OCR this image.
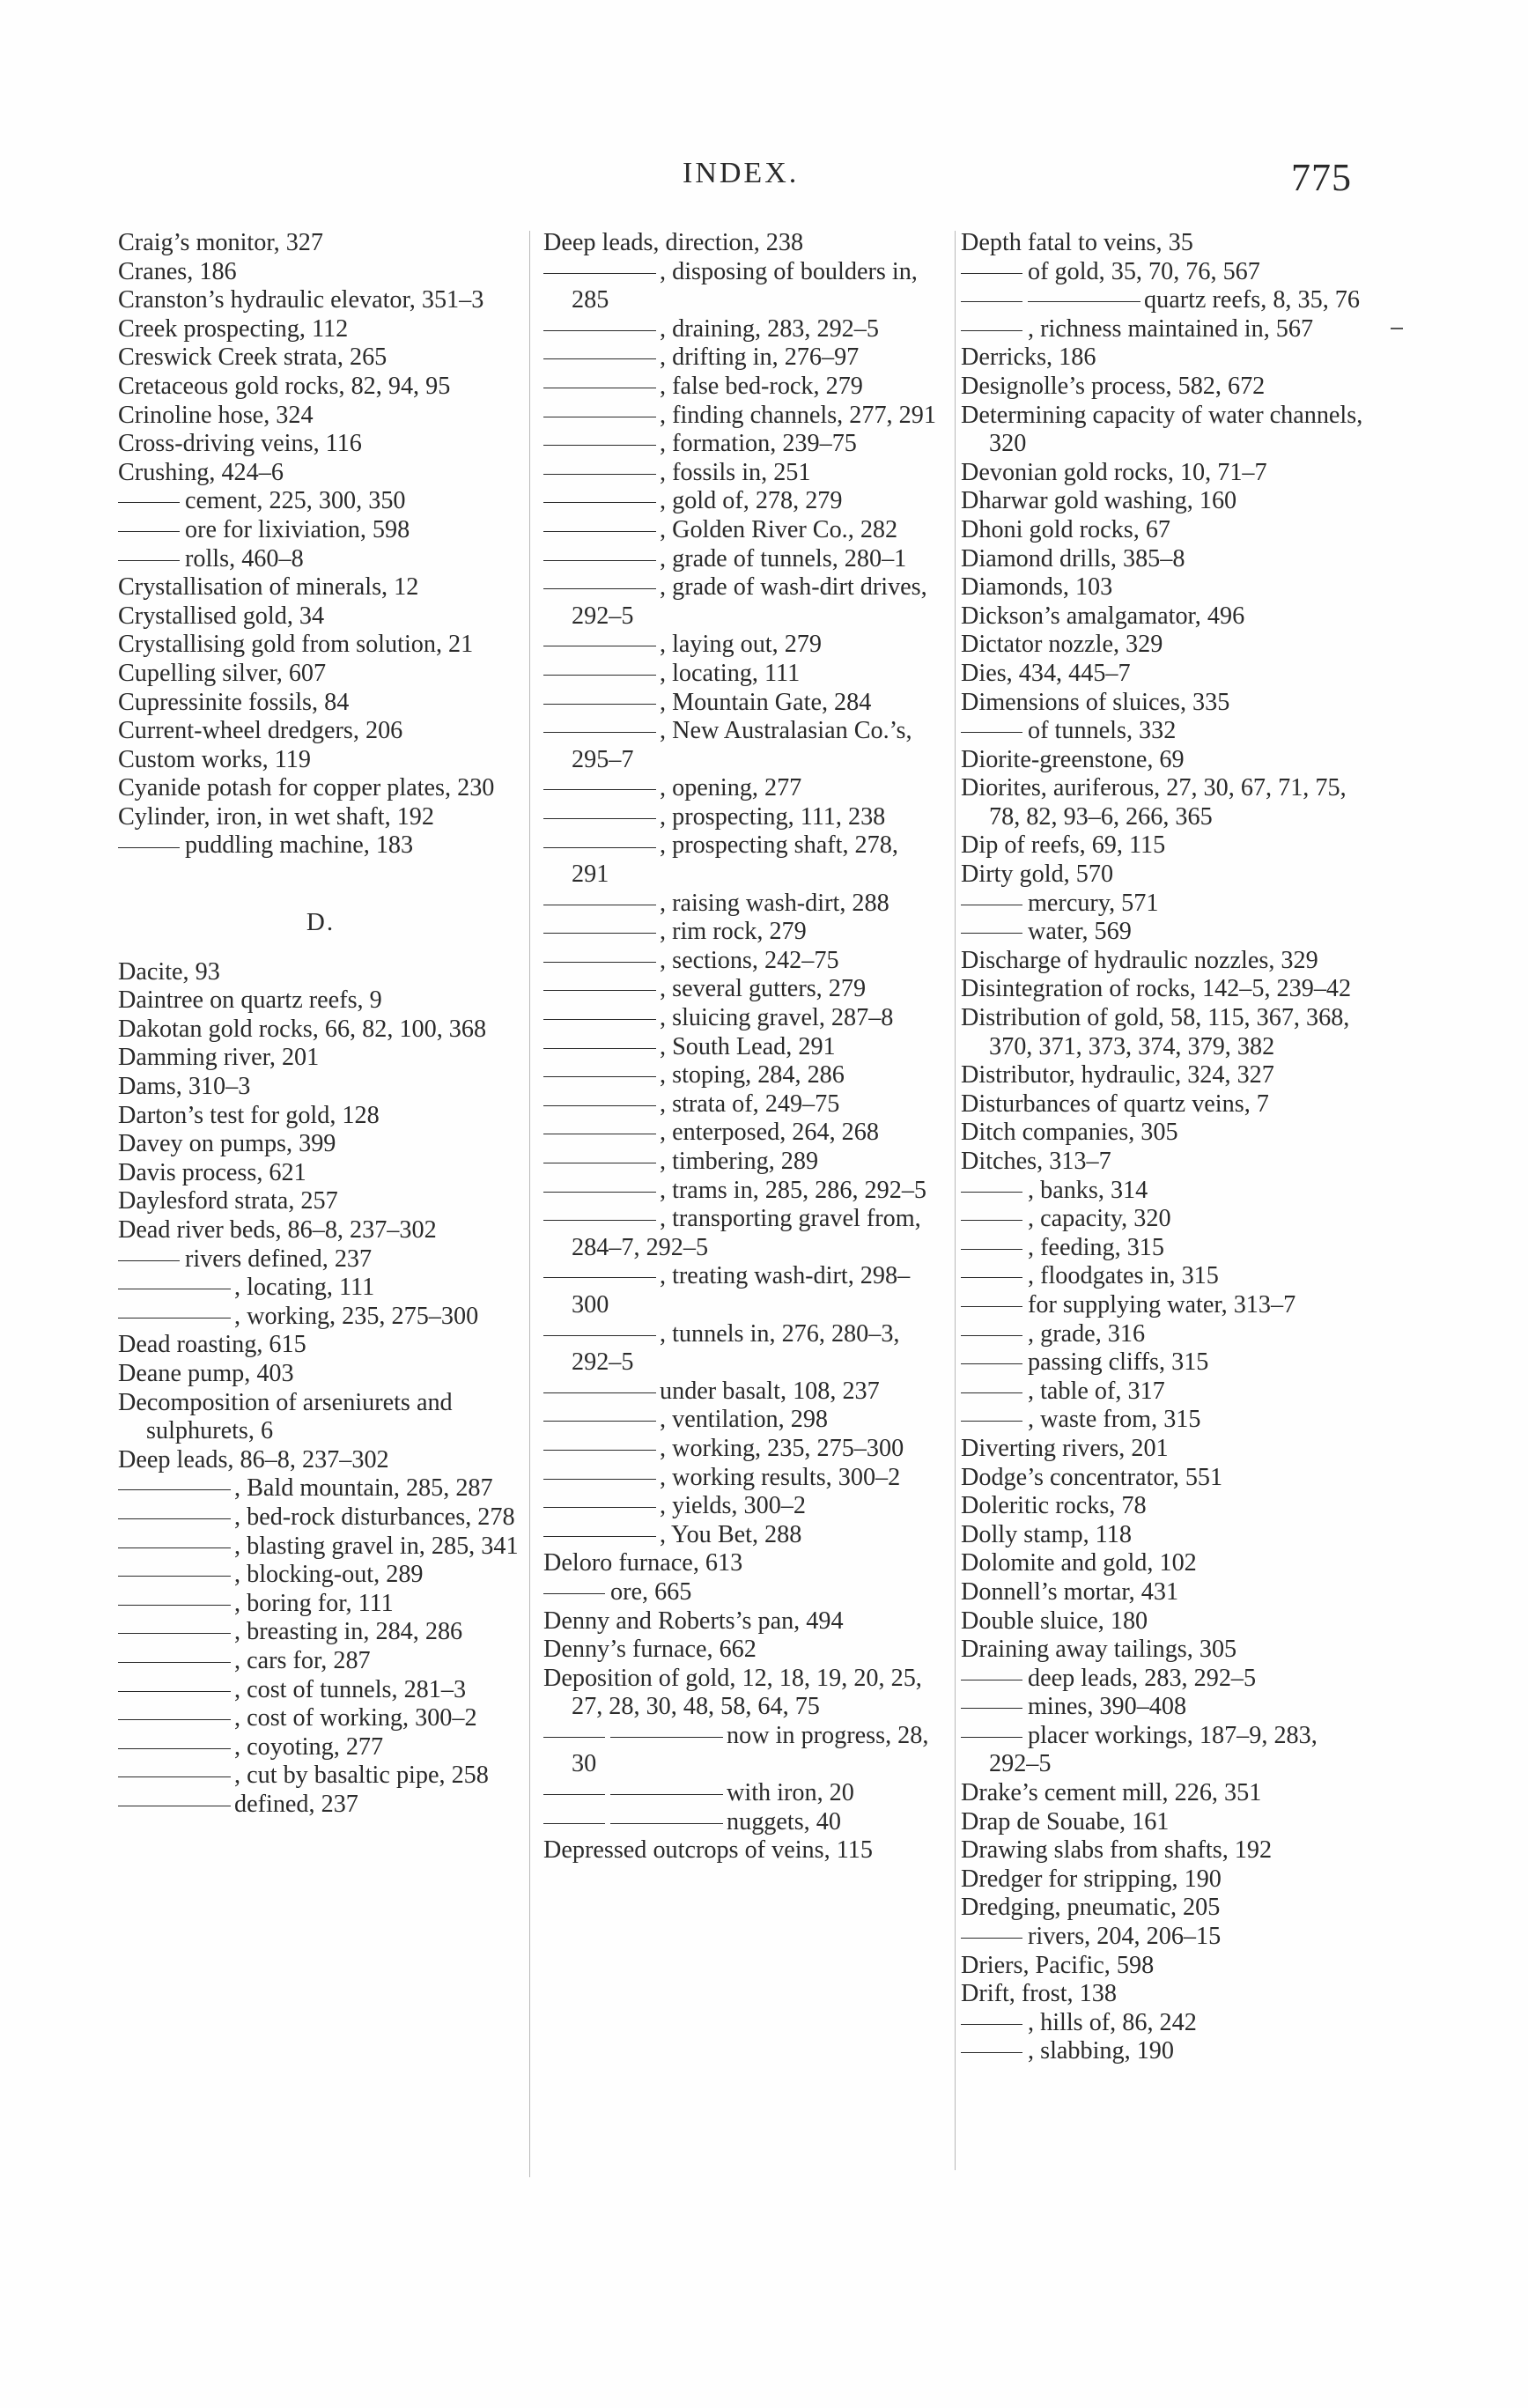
INDEX.	775
Craig’s monitor, 327
Cranes, 186
Cranston’s hydraulic elevator, 351–3
Creek prospecting, 112
Creswick Creek strata, 265
Cretaceous gold rocks, 82, 94, 95
Crinoline hose, 324
Cross-driving veins, 116
Crushing, 424–6
cement, 225, 300, 350
ore for lixiviation, 598
rolls, 460–8
Crystallisation of minerals, 12
Crystallised gold, 34
Crystallising gold from solution, 21
Cupelling silver, 607
Cupressinite fossils, 84
Current-wheel dredgers, 206
Custom works, 119
Cyanide potash for copper plates, 230
Cylinder, iron, in wet shaft, 192
puddling machine, 183
D.
Dacite, 93
Daintree on quartz reefs, 9
Dakotan gold rocks, 66, 82, 100, 368
Damming river, 201
Dams, 310–3
Darton’s test for gold, 128
Davey on pumps, 399
Davis process, 621
Daylesford strata, 257
Dead river beds, 86–8, 237–302
rivers defined, 237
, locating, 111
, working, 235, 275–300
Dead roasting, 615
Deane pump, 403
Decomposition of arseniurets and sulphurets, 6
Deep leads, 86–8, 237–302
, Bald mountain, 285, 287
, bed-rock disturbances, 278
, blasting gravel in, 285, 341
, blocking-out, 289
, boring for, 111
, breasting in, 284, 286
, cars for, 287
, cost of tunnels, 281–3
, cost of working, 300–2
, coyoting, 277
, cut by basaltic pipe, 258
defined, 237
Deep leads, direction, 238
, disposing of boulders in, 285
, draining, 283, 292–5
, drifting in, 276–97
, false bed-rock, 279
, finding channels, 277, 291
, formation, 239–75
, fossils in, 251
, gold of, 278, 279
, Golden River Co., 282
, grade of tunnels, 280–1
, grade of wash-dirt drives, 292–5
, laying out, 279
, locating, 111
, Mountain Gate, 284
, New Australasian Co.’s, 295–7
, opening, 277
, prospecting, 111, 238
, prospecting shaft, 278, 291
, raising wash-dirt, 288
, rim rock, 279
, sections, 242–75
, several gutters, 279
, sluicing gravel, 287–8
, South Lead, 291
, stoping, 284, 286
, strata of, 249–75
, enterposed, 264, 268
, timbering, 289
, trams in, 285, 286, 292–5
, transporting gravel from, 284–7, 292–5
, treating wash-dirt, 298–300
, tunnels in, 276, 280–3, 292–5
under basalt, 108, 237
, ventilation, 298
, working, 235, 275–300
, working results, 300–2
, yields, 300–2
, You Bet, 288
Deloro furnace, 613
ore, 665
Denny and Roberts’s pan, 494
Denny’s furnace, 662
Deposition of gold, 12, 18, 19, 20, 25, 27, 28, 30, 48, 58, 64, 75
now in progress, 28, 30
with iron, 20
nuggets, 40
Depressed outcrops of veins, 115
Depth fatal to veins, 35
of gold, 35, 70, 76, 567
quartz reefs, 8, 35, 76
, richness maintained in, 567
Derricks, 186
Designolle’s process, 582, 672
Determining capacity of water channels, 320
Devonian gold rocks, 10, 71–7
Dharwar gold washing, 160
Dhoni gold rocks, 67
Diamond drills, 385–8
Diamonds, 103
Dickson’s amalgamator, 496
Dictator nozzle, 329
Dies, 434, 445–7
Dimensions of sluices, 335
of tunnels, 332
Diorite-greenstone, 69
Diorites, auriferous, 27, 30, 67, 71, 75, 78, 82, 93–6, 266, 365
Dip of reefs, 69, 115
Dirty gold, 570
mercury, 571
water, 569
Discharge of hydraulic nozzles, 329
Disintegration of rocks, 142–5, 239–42
Distribution of gold, 58, 115, 367, 368, 370, 371, 373, 374, 379, 382
Distributor, hydraulic, 324, 327
Disturbances of quartz veins, 7
Ditch companies, 305
Ditches, 313–7
, banks, 314
, capacity, 320
, feeding, 315
, floodgates in, 315
for supplying water, 313–7
, grade, 316
passing cliffs, 315
, table of, 317
, waste from, 315
Diverting rivers, 201
Dodge’s concentrator, 551
Doleritic rocks, 78
Dolly stamp, 118
Dolomite and gold, 102
Donnell’s mortar, 431
Double sluice, 180
Draining away tailings, 305
deep leads, 283, 292–5
mines, 390–408
placer workings, 187–9, 283, 292–5
Drake’s cement mill, 226, 351
Drap de Souabe, 161
Drawing slabs from shafts, 192
Dredger for stripping, 190
Dredging, pneumatic, 205
rivers, 204, 206–15
Driers, Pacific, 598
Drift, frost, 138
, hills of, 86, 242
, slabbing, 190
